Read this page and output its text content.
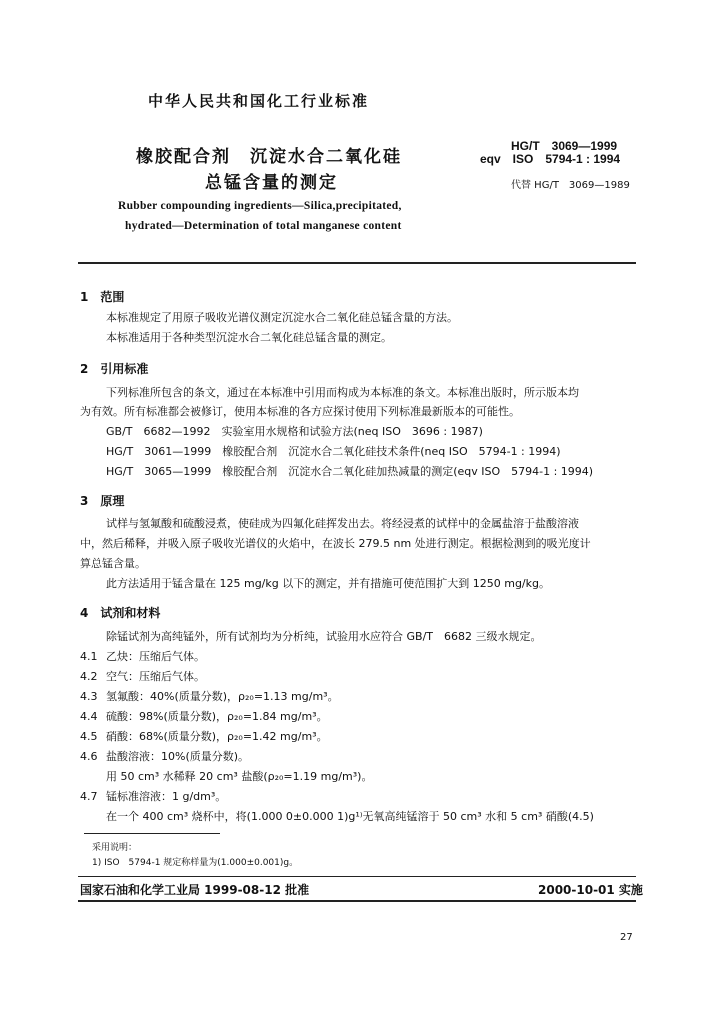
中华人民共和国化工行业标准
橡胶配合剂　沉淀水合二氧化硅
总锰含量的测定
HG/T　3069—1999
eqv　ISO　5794-1 : 1994
代替 HG/T　3069—1989
Rubber compounding ingredients—Silica,precipitated,
hydrated—Determination of total manganese content
1　范围
本标准规定了用原子吸收光谱仪测定沉淀水合二氧化硅总锰含量的方法。
本标准适用于各种类型沉淀水合二氧化硅总锰含量的测定。
2　引用标准
下列标准所包含的条文，通过在本标准中引用而构成为本标准的条文。本标准出版时，所示版本均
为有效。所有标准都会被修订，使用本标准的各方应探讨使用下列标准最新版本的可能性。
GB/T　6682—1992　实验室用水规格和试验方法(neq ISO　3696 : 1987)
HG/T　3061—1999　橡胶配合剂　沉淀水合二氧化硅技术条件(neq ISO　5794-1 : 1994)
HG/T　3065—1999　橡胶配合剂　沉淀水合二氧化硅加热减量的测定(eqv ISO　5794-1 : 1994)
3　原理
试样与氢氟酸和硫酸浸煮，使硅成为四氟化硅挥发出去。将经浸煮的试样中的金属盐溶于盐酸溶液
中，然后稀释，并吸入原子吸收光谱仪的火焰中，在波长 279.5 nm 处进行测定。根据检测到的吸光度计
算总锰含量。
此方法适用于锰含量在 125 mg/kg 以下的测定，并有措施可使范围扩大到 1250 mg/kg。
4　试剂和材料
除锰试剂为高纯锰外，所有试剂均为分析纯，试验用水应符合 GB/T　6682 三级水规定。
4.1 乙炔：压缩后气体。
4.2 空气：压缩后气体。
4.3 氢氟酸：40%(质量分数)，ρ₂₀=1.13 mg/m³。
4.4 硫酸：98%(质量分数)，ρ₂₀=1.84 mg/m³。
4.5 硝酸：68%(质量分数)，ρ₂₀=1.42 mg/m³。
4.6 盐酸溶液：10%(质量分数)。
用 50 cm³ 水稀释 20 cm³ 盐酸(ρ₂₀=1.19 mg/m³)。
4.7 锰标准溶液：1 g/dm³。
在一个 400 cm³ 烧杯中，将(1.000 0±0.000 1)g¹⁾无氧高纯锰溶于 50 cm³ 水和 5 cm³ 硝酸(4.5)
采用说明：
1) ISO　5794-1 规定称样量为(1.000±0.001)g。
国家石油和化学工业局 1999-08-12 批准	2000-10-01 实施
27
